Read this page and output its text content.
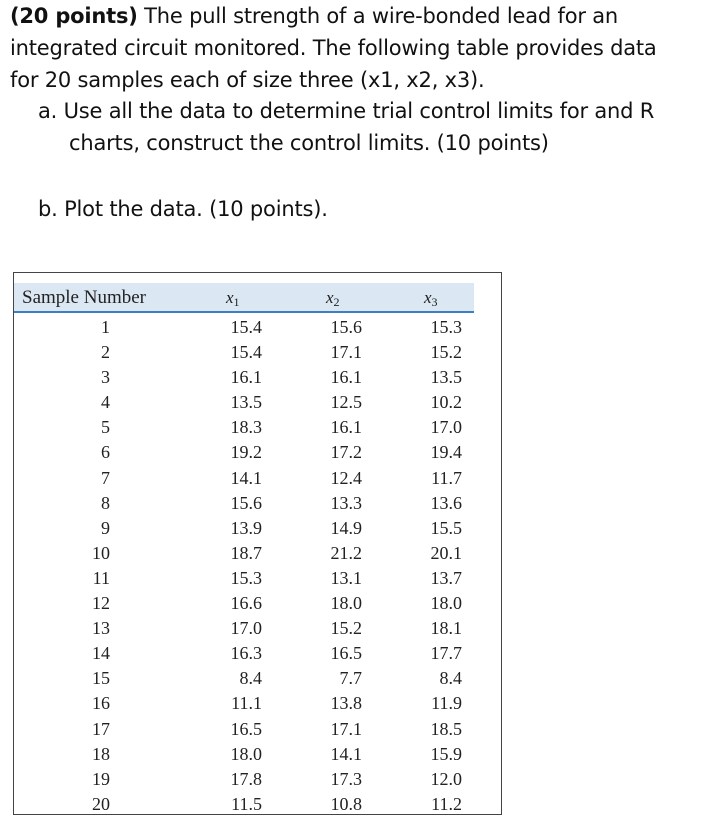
(20 points) The pull strength of a wire-bonded lead for an
integrated circuit monitored. The following table provides data
for 20 samples each of size three (x1, x2, x3).
a. Use all the data to determine trial control limits for and R
charts, construct the control limits. (10 points)
b. Plot the data. (10 points).
Sample Number	x1	x2	x3
1	15.4	15.6	15.3
2	15.4	17.1	15.2
3	16.1	16.1	13.5
4	13.5	12.5	10.2
5	18.3	16.1	17.0
6	19.2	17.2	19.4
7	14.1	12.4	11.7
8	15.6	13.3	13.6
9	13.9	14.9	15.5
10	18.7	21.2	20.1
11	15.3	13.1	13.7
12	16.6	18.0	18.0
13	17.0	15.2	18.1
14	16.3	16.5	17.7
15	8.4	7.7	8.4
16	11.1	13.8	11.9
17	16.5	17.1	18.5
18	18.0	14.1	15.9
19	17.8	17.3	12.0
20	11.5	10.8	11.2
